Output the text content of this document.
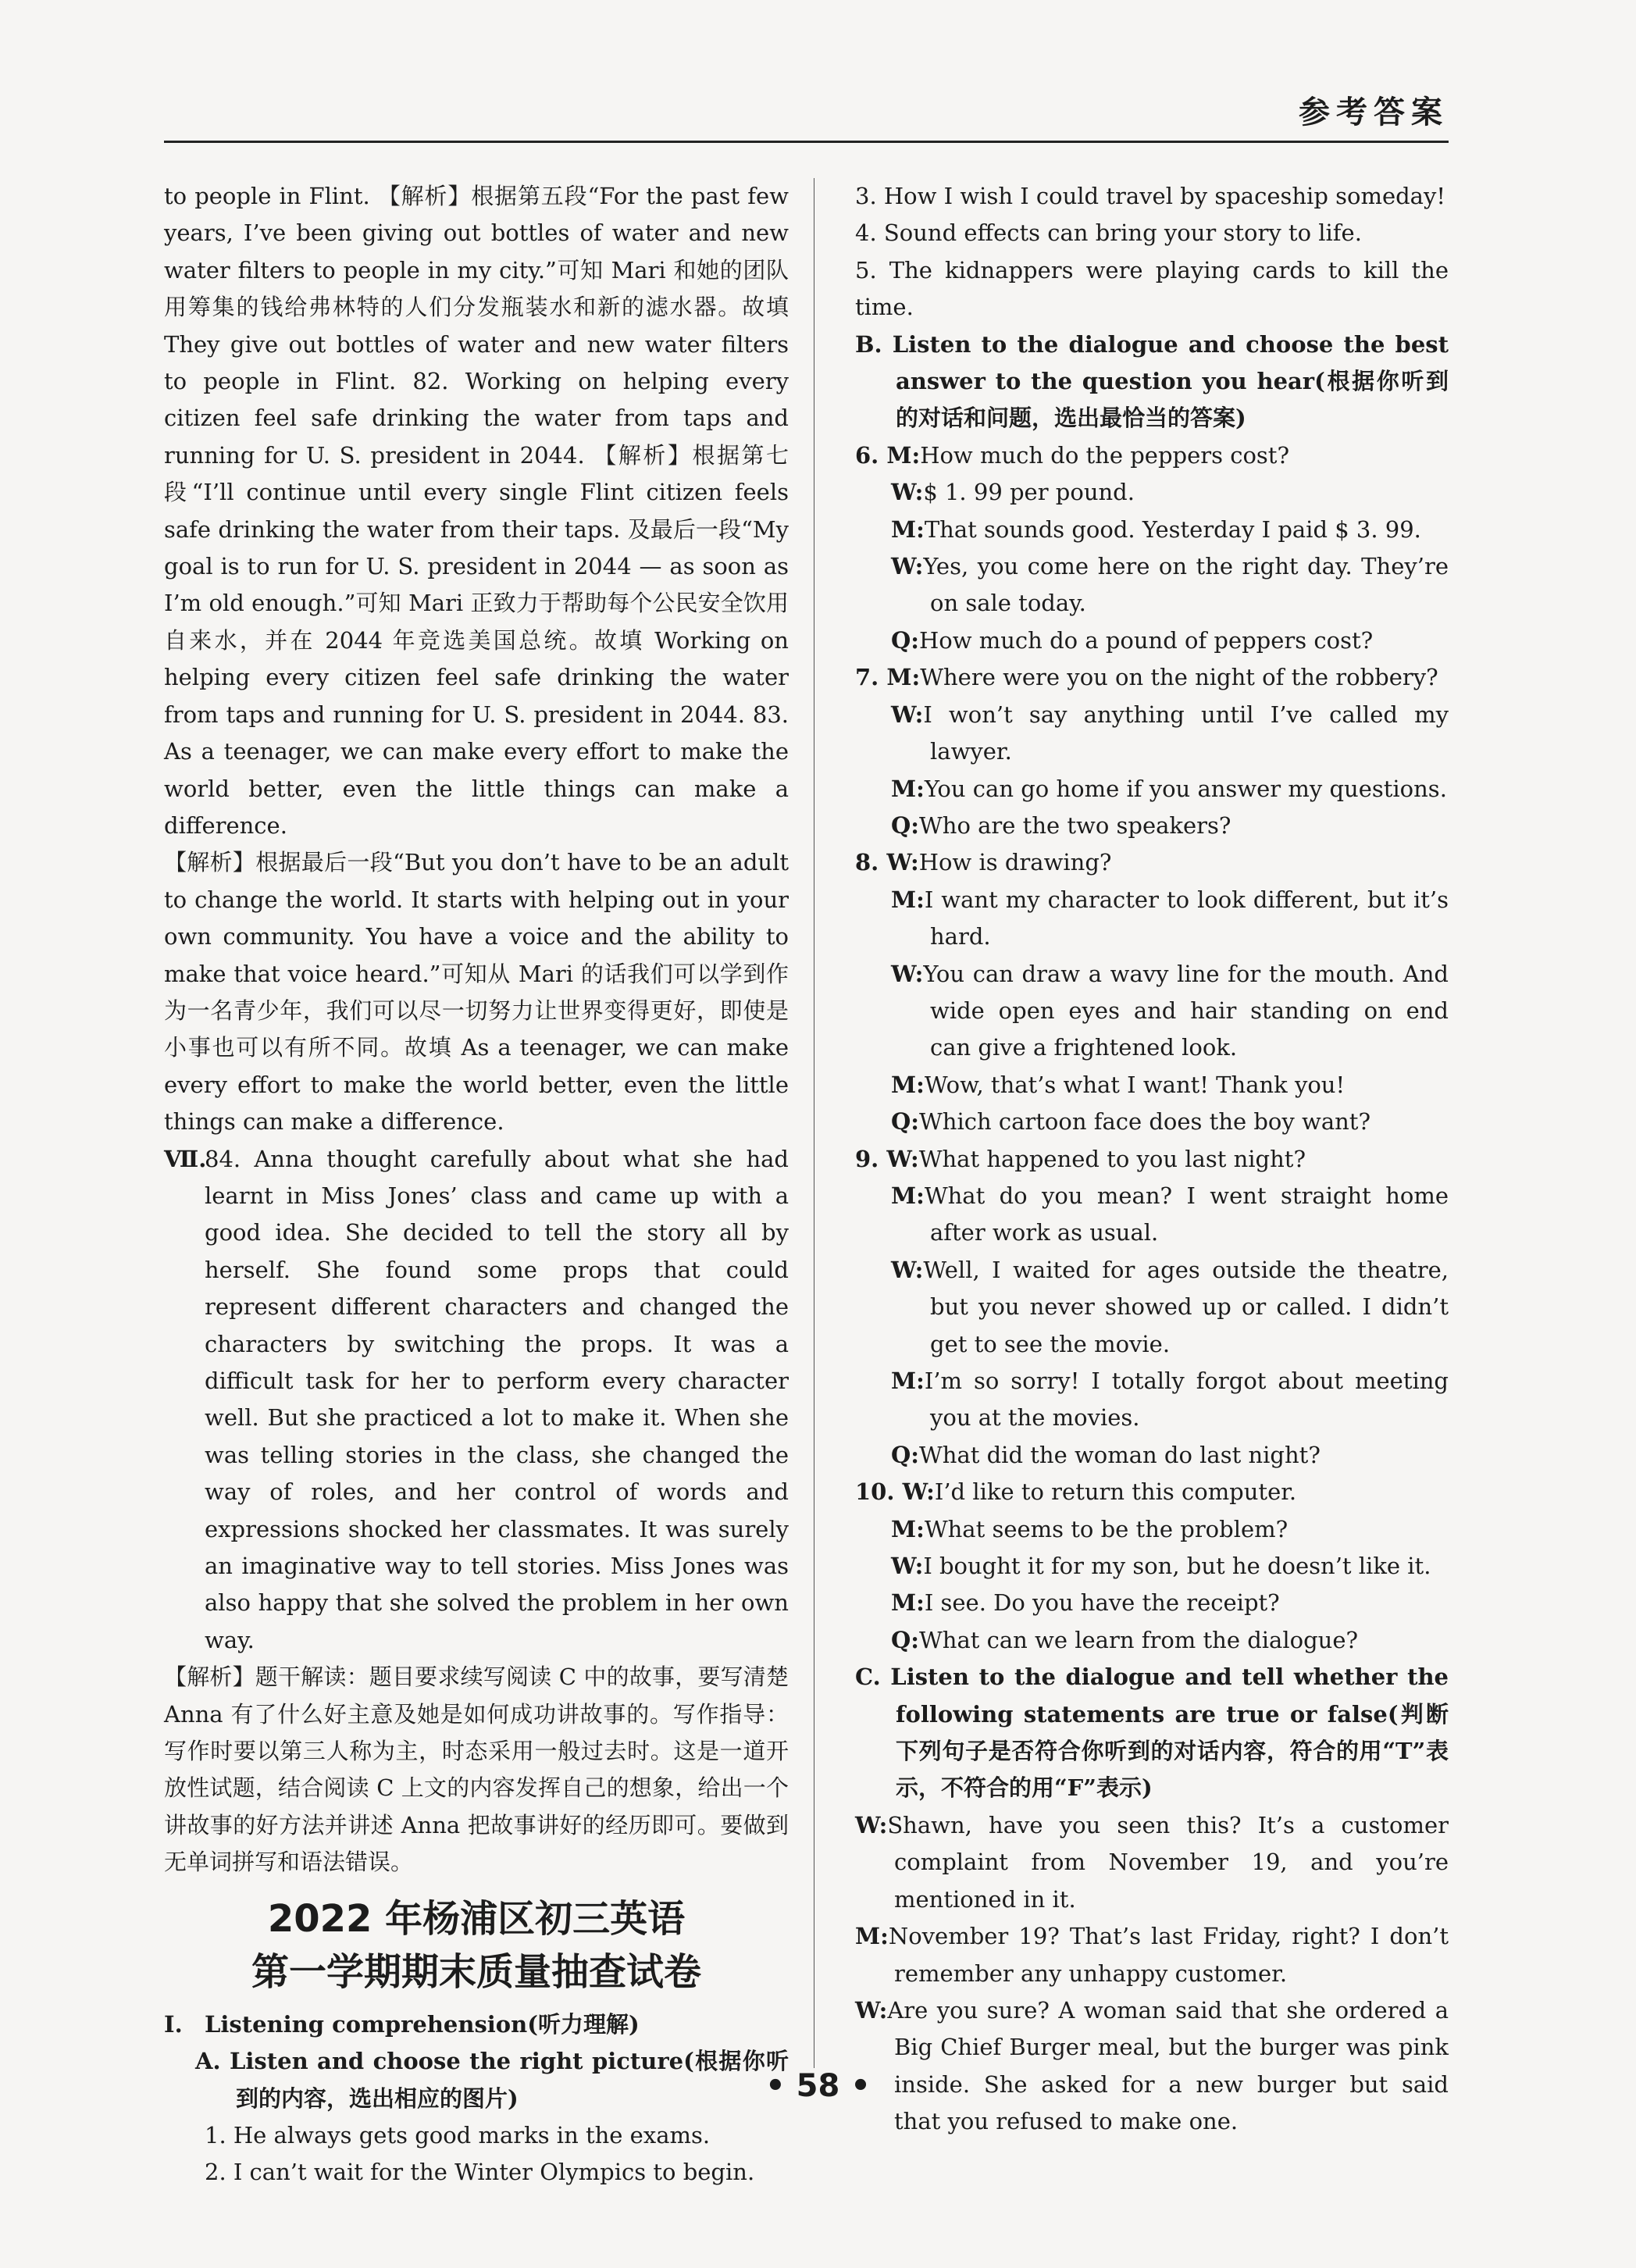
参考答案

to people in Flint. 【解析】根据第五段“For the past few years, I’ve been giving out bottles of water and new water filters to people in my city.”可知 Mari 和她的团队用筹集的钱给弗林特的人们分发瓶装水和新的滤水器。故填 They give out bottles of water and new water filters to people in Flint. 82. Working on helping every citizen feel safe drinking the water from taps and running for U. S. president in 2044. 【解析】根据第七段“I’ll continue until every single Flint citizen feels safe drinking the water from their taps. 及最后一段“My goal is to run for U. S. president in 2044 — as soon as I’m old enough.”可知 Mari 正致力于帮助每个公民安全饮用自来水，并在 2044 年竞选美国总统。故填 Working on helping every citizen feel safe drinking the water from taps and running for U. S. president in 2044. 83. As a teenager, we can make every effort to make the world better, even the little things can make a difference.

【解析】根据最后一段“But you don’t have to be an adult to change the world. It starts with helping out in your own community. You have a voice and the ability to make that voice heard.”可知从 Mari 的话我们可以学到作为一名青少年，我们可以尽一切努力让世界变得更好，即使是小事也可以有所不同。故填 As a teenager, we can make every effort to make the world better, even the little things can make a difference.

Ⅶ.84. Anna thought carefully about what she had learnt in Miss Jones’ class and came up with a good idea. She decided to tell the story all by herself. She found some props that could represent different characters and changed the characters by switching the props. It was a difficult task for her to perform every character well. But she practiced a lot to make it. When she was telling stories in the class, she changed the way of roles, and her control of words and expressions shocked her classmates. It was surely an imaginative way to tell stories. Miss Jones was also happy that she solved the problem in her own way.

【解析】题干解读：题目要求续写阅读 C 中的故事，要写清楚 Anna 有了什么好主意及她是如何成功讲故事的。写作指导：写作时要以第三人称为主，时态采用一般过去时。这是一道开放性试题，结合阅读 C 上文的内容发挥自己的想象，给出一个讲故事的好方法并讲述 Anna 把故事讲好的经历即可。要做到无单词拼写和语法错误。

2022 年杨浦区初三英语
第一学期期末质量抽查试卷

Ⅰ. Listening comprehension(听力理解)

A. Listen and choose the right picture(根据你听到的内容，选出相应的图片)

1. He always gets good marks in the exams.

2. I can’t wait for the Winter Olympics to begin.

3. How I wish I could travel by spaceship someday!

4. Sound effects can bring your story to life.

5. The kidnappers were playing cards to kill the time.

B. Listen to the dialogue and choose the best answer to the question you hear(根据你听到的对话和问题，选出最恰当的答案)

6. M:How much do the peppers cost?

W:$ 1. 99 per pound.

M:That sounds good. Yesterday I paid $ 3. 99.

W:Yes, you come here on the right day. They’re on sale today.

Q:How much do a pound of peppers cost?

7. M:Where were you on the night of the robbery?

W:I won’t say anything until I’ve called my lawyer.

M:You can go home if you answer my questions.

Q:Who are the two speakers?

8. W:How is drawing?

M:I want my character to look different, but it’s hard.

W:You can draw a wavy line for the mouth. And wide open eyes and hair standing on end can give a frightened look.

M:Wow, that’s what I want! Thank you!

Q:Which cartoon face does the boy want?

9. W:What happened to you last night?

M:What do you mean? I went straight home after work as usual.

W:Well, I waited for ages outside the theatre, but you never showed up or called. I didn’t get to see the movie.

M:I’m so sorry! I totally forgot about meeting you at the movies.

Q:What did the woman do last night?

10. W:I’d like to return this computer.

M:What seems to be the problem?

W:I bought it for my son, but he doesn’t like it.

M:I see. Do you have the receipt?

Q:What can we learn from the dialogue?

C. Listen to the dialogue and tell whether the following statements are true or false(判断下列句子是否符合你听到的对话内容，符合的用“T”表示，不符合的用“F”表示)

W:Shawn, have you seen this? It’s a customer complaint from November 19, and you’re mentioned in it.

M:November 19? That’s last Friday, right? I don’t remember any unhappy customer.

W:Are you sure? A woman said that she ordered a Big Chief Burger meal, but the burger was pink inside. She asked for a new burger but said that you refused to make one.

• 58 •
